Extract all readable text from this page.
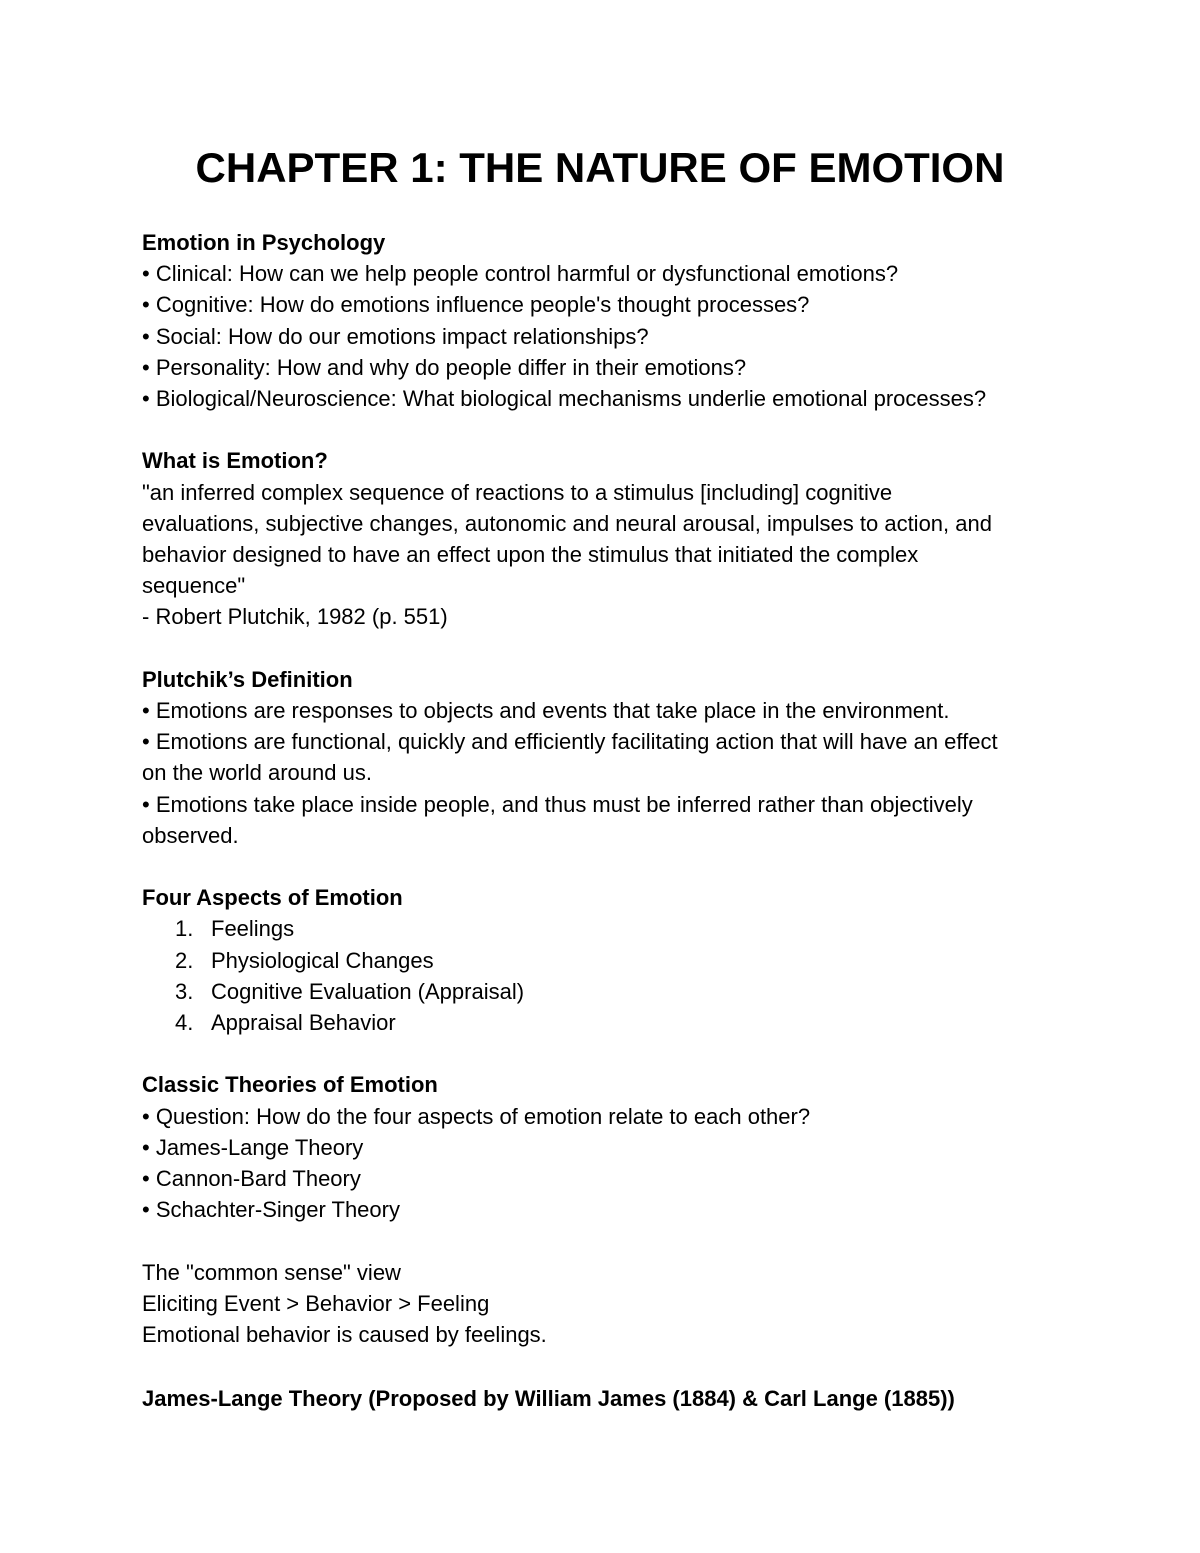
CHAPTER 1: THE NATURE OF EMOTION

Emotion in Psychology

• Clinical: How can we help people control harmful or dysfunctional emotions?

• Cognitive: How do emotions influence people's thought processes?

• Social: How do our emotions impact relationships?

• Personality: How and why do people differ in their emotions?

• Biological/Neuroscience: What biological mechanisms underlie emotional processes?

What is Emotion?

"an inferred complex sequence of reactions to a stimulus [including] cognitive

evaluations, subjective changes, autonomic and neural arousal, impulses to action, and

behavior designed to have an effect upon the stimulus that initiated the complex

sequence"

- Robert Plutchik, 1982 (p. 551)

Plutchik’s Definition

• Emotions are responses to objects and events that take place in the environment.

• Emotions are functional, quickly and efficiently facilitating action that will have an effect

on the world around us.

• Emotions take place inside people, and thus must be inferred rather than objectively

observed.

Four Aspects of Emotion

1. Feelings
2. Physiological Changes
3. Cognitive Evaluation (Appraisal)
4. Appraisal Behavior

Classic Theories of Emotion

• Question: How do the four aspects of emotion relate to each other?

• James-Lange Theory

• Cannon-Bard Theory

• Schachter-Singer Theory

The "common sense" view

Eliciting Event > Behavior > Feeling

Emotional behavior is caused by feelings.

James-Lange Theory (Proposed by William James (1884) & Carl Lange (1885))
